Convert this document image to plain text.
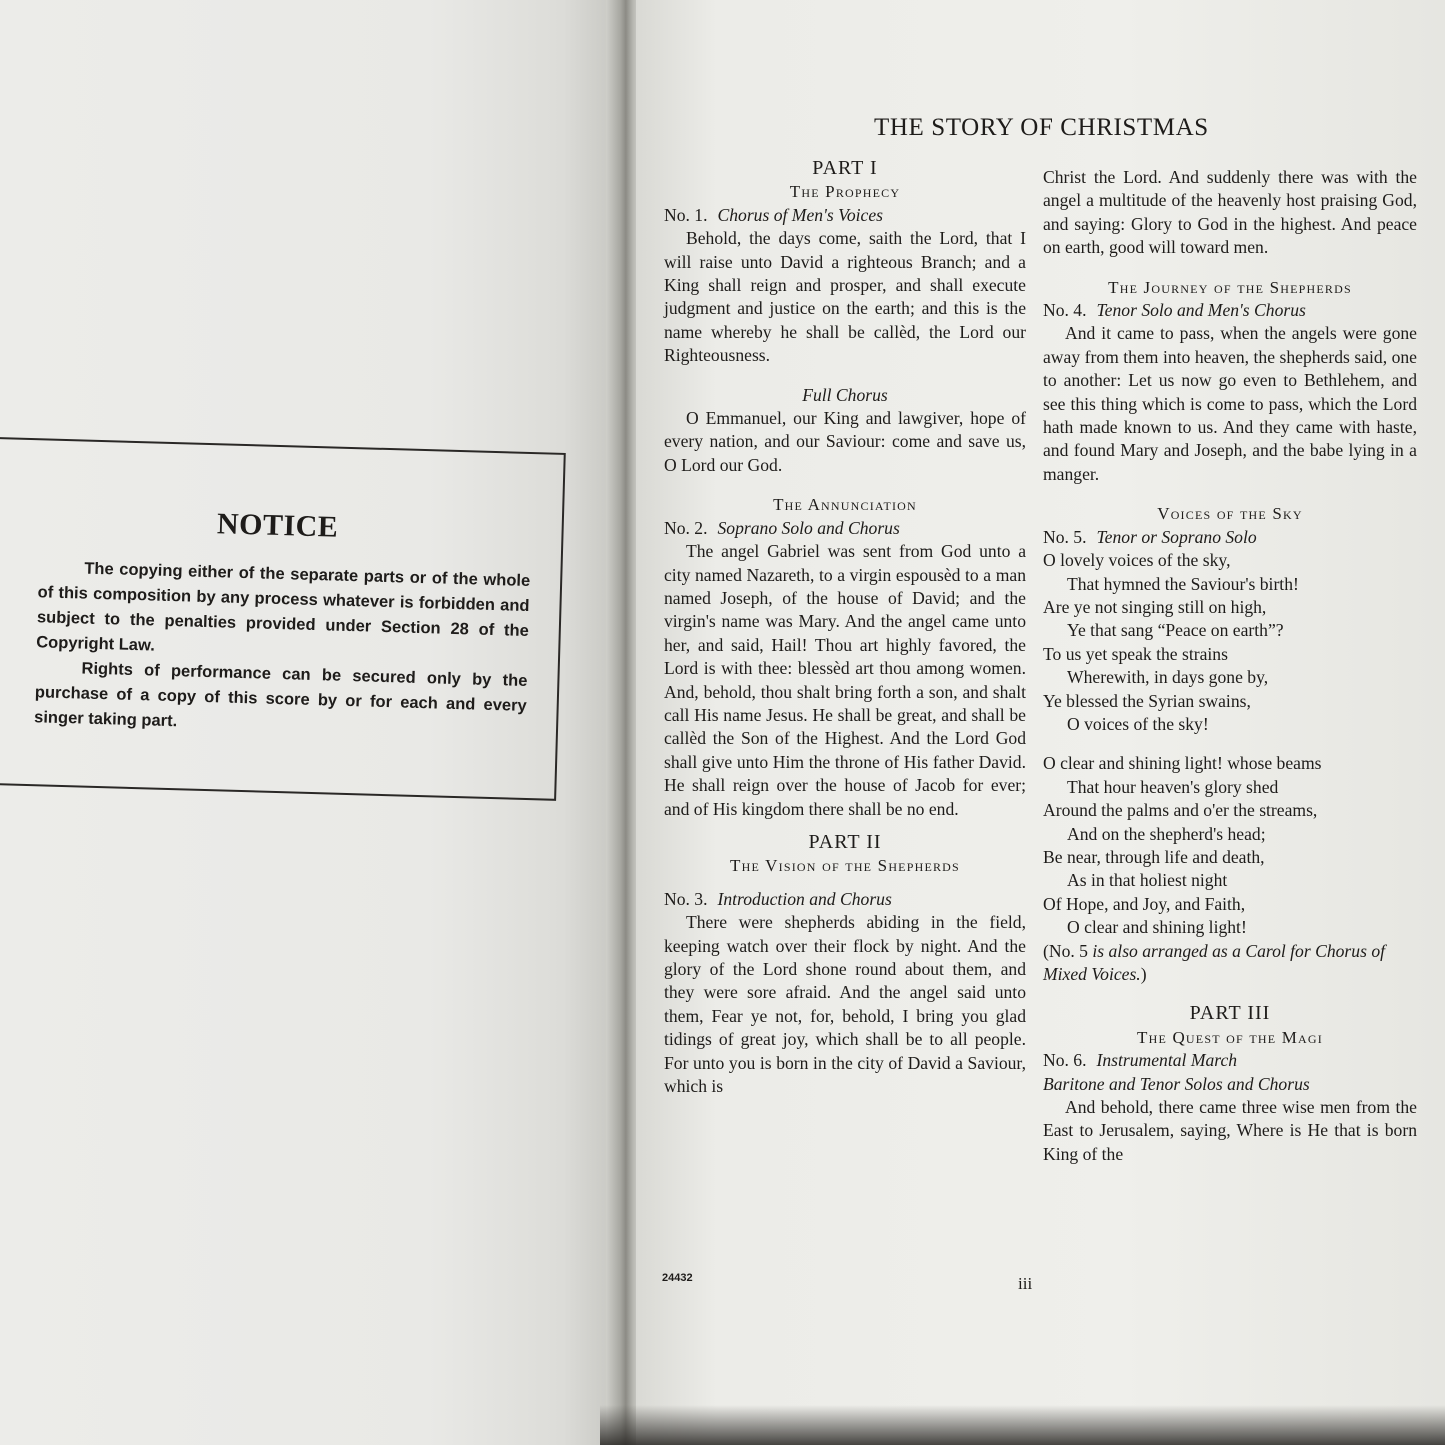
NOTICE

The copying either of the separate parts or of the whole of this composition by any process whatever is forbidden and subject to the penalties provided under Section 28 of the Copyright Law.

Rights of performance can be secured only by the purchase of a copy of this score by or for each and every singer taking part.

THE STORY OF CHRISTMAS

PART I

The Prophecy

No. 1. Chorus of Men's Voices

Behold, the days come, saith the Lord, that I will raise unto David a righteous Branch; and a King shall reign and prosper, and shall execute judgment and justice on the earth; and this is the name whereby he shall be callèd, the Lord our Righteousness.

Full Chorus

O Emmanuel, our King and lawgiver, hope of every nation, and our Saviour: come and save us, O Lord our God.

The Annunciation

No. 2. Soprano Solo and Chorus

The angel Gabriel was sent from God unto a city named Nazareth, to a virgin espousèd to a man named Joseph, of the house of David; and the virgin's name was Mary. And the angel came unto her, and said, Hail! Thou art highly favored, the Lord is with thee: blessèd art thou among women. And, behold, thou shalt bring forth a son, and shalt call His name Jesus. He shall be great, and shall be callèd the Son of the Highest. And the Lord God shall give unto Him the throne of His father David. He shall reign over the house of Jacob for ever; and of His kingdom there shall be no end.

PART II

The Vision of the Shepherds

No. 3. Introduction and Chorus

There were shepherds abiding in the field, keeping watch over their flock by night. And the glory of the Lord shone round about them, and they were sore afraid. And the angel said unto them, Fear ye not, for, behold, I bring you glad tidings of great joy, which shall be to all people. For unto you is born in the city of David a Saviour, which is

Christ the Lord. And suddenly there was with the angel a multitude of the heavenly host praising God, and saying: Glory to God in the highest. And peace on earth, good will toward men.

The Journey of the Shepherds

No. 4. Tenor Solo and Men's Chorus

And it came to pass, when the angels were gone away from them into heaven, the shepherds said, one to another: Let us now go even to Bethlehem, and see this thing which is come to pass, which the Lord hath made known to us. And they came with haste, and found Mary and Joseph, and the babe lying in a manger.

Voices of the Sky

No. 5. Tenor or Soprano Solo

O lovely voices of the sky,
That hymned the Saviour's birth!
Are ye not singing still on high,
Ye that sang “Peace on earth”?
To us yet speak the strains
Wherewith, in days gone by,
Ye blessed the Syrian swains,
O voices of the sky!
O clear and shining light! whose beams
That hour heaven's glory shed
Around the palms and o'er the streams,
And on the shepherd's head;
Be near, through life and death,
As in that holiest night
Of Hope, and Joy, and Faith,
O clear and shining light!

(No. 5 is also arranged as a Carol for Chorus of Mixed Voices.)

PART III

The Quest of the Magi

No. 6. Instrumental March

Baritone and Tenor Solos and Chorus

And behold, there came three wise men from the East to Jerusalem, saying, Where is He that is born King of the

24432	iii
